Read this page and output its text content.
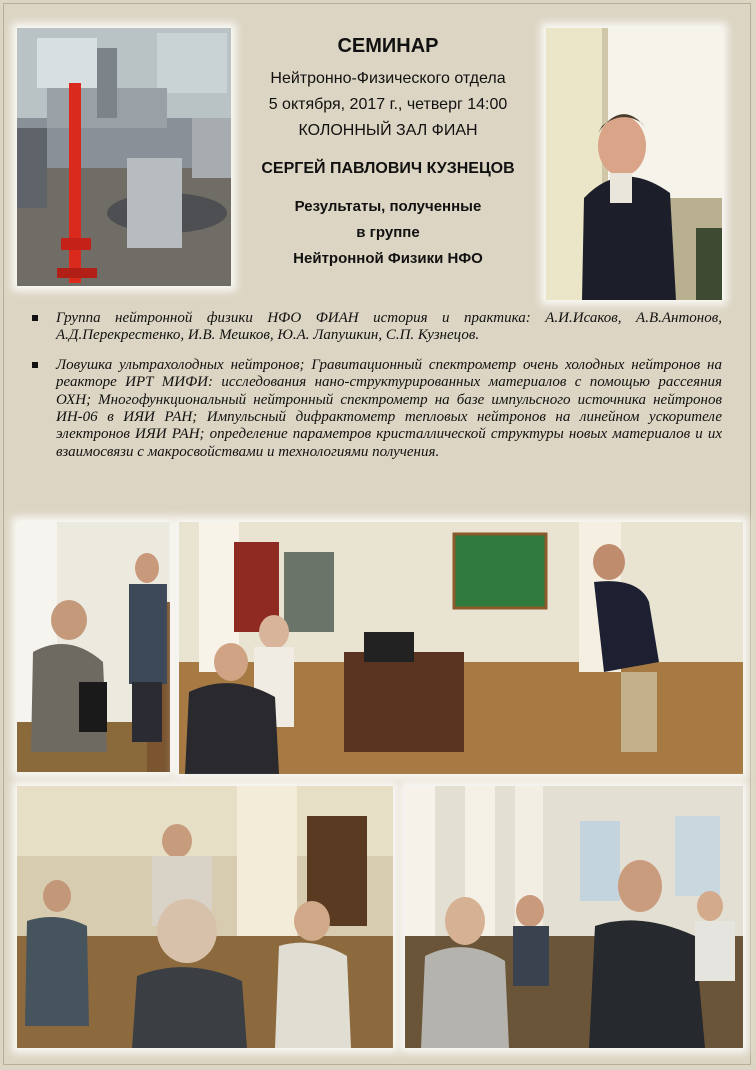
СЕМИНАР
Нейтронно-Физического отдела
5 октября, 2017 г., четверг 14:00
КОЛОННЫЙ ЗАЛ ФИАН
СЕРГЕЙ ПАВЛОВИЧ КУЗНЕЦОВ
Результаты, полученные
в группе
Нейтронной Физики НФО
Группа нейтронной физики НФО ФИАН история и практика: А.И.Исаков, А.В.Антонов, А.Д.Перекрестенко, И.В. Мешков, Ю.А. Лапушкин, С.П. Кузнецов.
Ловушка ультрахолодных нейтронов; Гравитационный спектрометр очень холодных нейтронов на реакторе ИРТ МИФИ: исследования нано-структурированных материалов с помощью рассеяния ОХН; Многофункциональный нейтронный спектрометр на базе импульсного источника нейтронов ИН-06 в ИЯИ РАН; Импульсный дифрактометр тепловых нейтронов на линейном ускорителе электронов ИЯИ РАН; определение параметров кристаллической структуры новых материалов и их взаимосвязи с макросвойствами и технологиями получения.
